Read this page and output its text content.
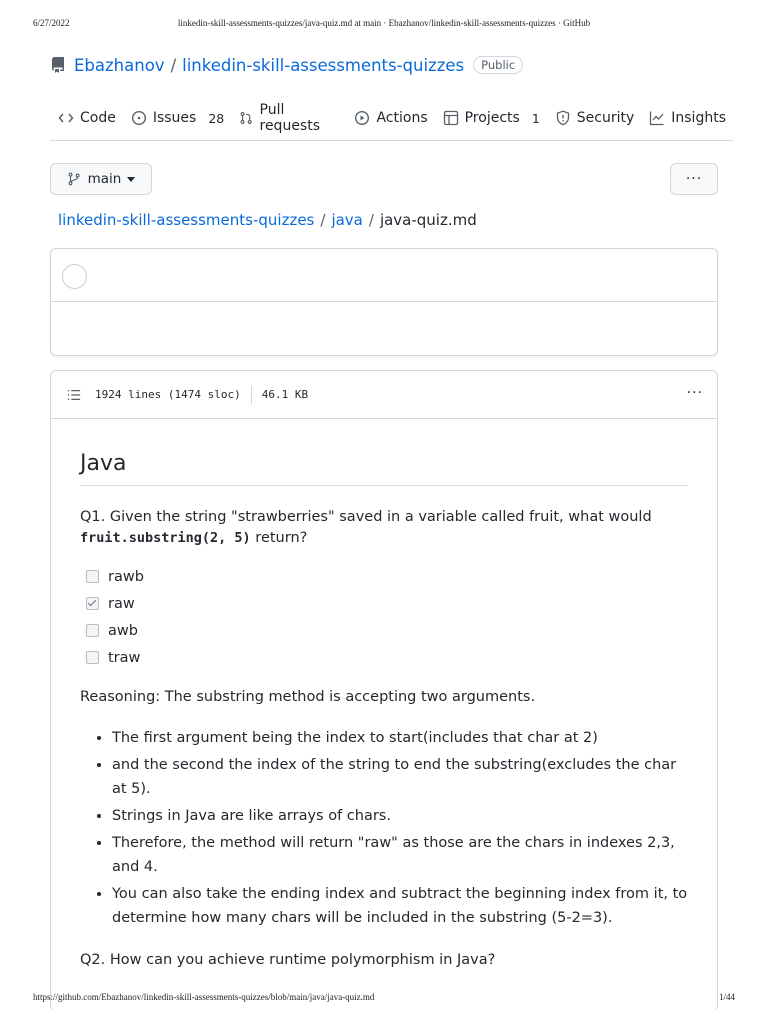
6/27/2022	linkedin-skill-assessments-quizzes/java-quiz.md at main · Ebazhanov/linkedin-skill-assessments-quizzes · GitHub
Ebazhanov / linkedin-skill-assessments-quizzes	Public
Code	Issues 28	Pull requests	Actions	Projects 1	Security	Insights
main	···
linkedin-skill-assessments-quizzes / java / java-quiz.md
1924 lines (1474 sloc) 46.1 KB	···
Java

Q1. Given the string "strawberries" saved in a variable called fruit, what would
fruit.substring(2, 5) return?

rawb
raw
awb
traw

Reasoning: The substring method is accepting two arguments.

• The first argument being the index to start(includes that char at 2)
• and the second the index of the string to end the substring(excludes the char at 5).
• Strings in Java are like arrays of chars.
• Therefore, the method will return "raw" as those are the chars in indexes 2,3, and 4.
• You can also take the ending index and subtract the beginning index from it, to determine how many chars will be included in the substring (5-2=3).

Q2. How can you achieve runtime polymorphism in Java?

https://github.com/Ebazhanov/linkedin-skill-assessments-quizzes/blob/main/java/java-quiz.md	1/44
